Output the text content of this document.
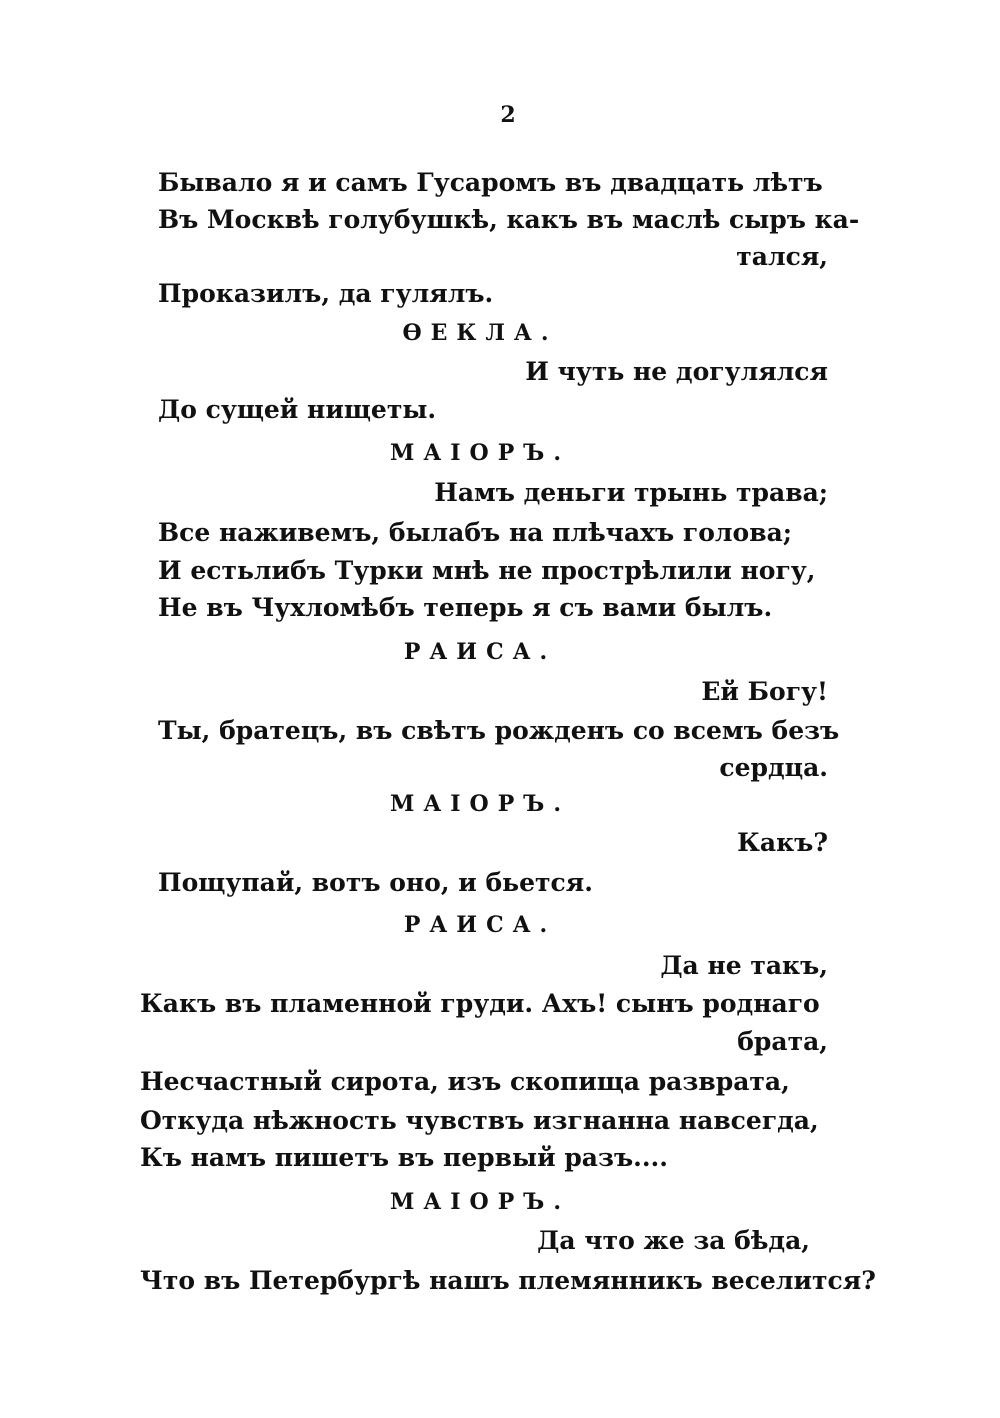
2

Бывало я и самъ Гусаромъ въ двадцать лѣтъ

Въ Москвѣ голубушкѣ, какъ въ маслѣ сыръ ка-

тался,

Проказилъ, да гулялъ.

ѲЕКЛА.

И чуть не догулялся

До сущей нищеты.

МАІОРЪ.

Намъ деньги трынь трава;

Все наживемъ, былабъ на плѣчахъ голова;

И естьлибъ Турки мнѣ не прострѣлили ногу,

Не въ Чухломѣбъ теперь я съ вами былъ.

РАИСА.

Ей Богу!

Ты, братецъ, въ свѣтъ рожденъ со всемъ безъ

сердца.

МАІОРЪ.

Какъ?

Пощупай, вотъ оно, и бьется.

РАИСА.

Да не такъ,

Какъ въ пламенной груди. Ахъ! сынъ роднаго

брата,

Несчастный сирота, изъ скопища разврата,

Откуда нѣжность чувствъ изгнанна навсегда,

Къ намъ пишетъ въ первый разъ....

МАІОРЪ.

Да что же за бѣда,

Что въ Петербургѣ нашъ племянникъ веселится?
